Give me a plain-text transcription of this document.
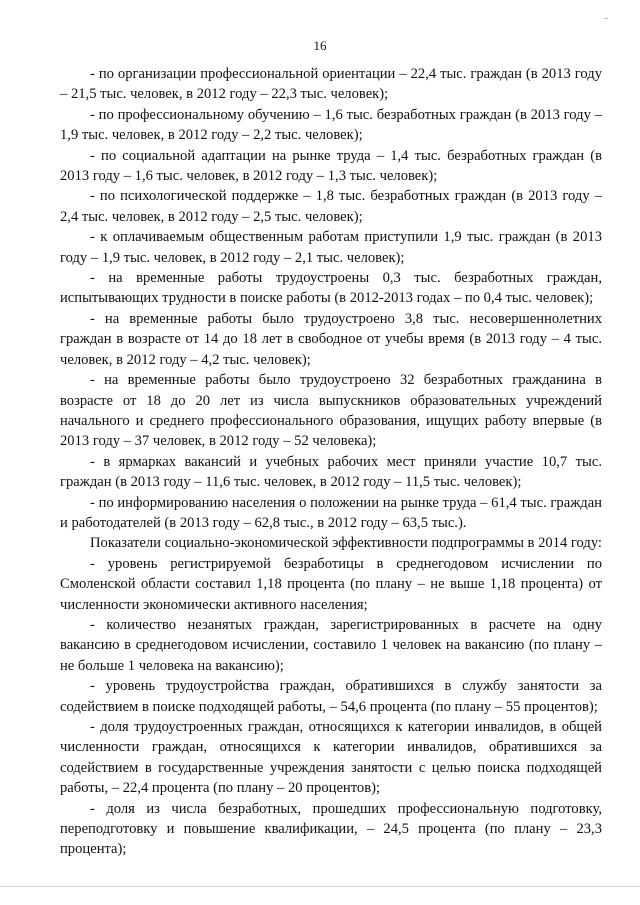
16

- по организации профессиональной ориентации – 22,4 тыс. граждан (в 2013 году – 21,5 тыс. человек, в 2012 году – 22,3 тыс. человек);

- по профессиональному обучению – 1,6 тыс. безработных граждан (в 2013 году – 1,9 тыс. человек, в 2012 году – 2,2 тыс. человек);

- по социальной адаптации на рынке труда – 1,4 тыс. безработных граждан (в 2013 году – 1,6 тыс. человек, в 2012 году – 1,3 тыс. человек);

- по психологической поддержке – 1,8 тыс. безработных граждан (в 2013 году – 2,4 тыс. человек, в 2012 году – 2,5 тыс. человек);

- к оплачиваемым общественным работам приступили 1,9 тыс. граждан (в 2013 году – 1,9 тыс. человек, в 2012 году – 2,1 тыс. человек);

- на временные работы трудоустроены 0,3 тыс. безработных граждан, испытывающих трудности в поиске работы (в 2012-2013 годах – по 0,4 тыс. человек);

- на временные работы было трудоустроено 3,8 тыс. несовершеннолетних граждан в возрасте от 14 до 18 лет в свободное от учебы время (в 2013 году – 4 тыс. человек, в 2012 году – 4,2 тыс. человек);

- на временные работы было трудоустроено 32 безработных гражданина в возрасте от 18 до 20 лет из числа выпускников образовательных учреждений начального и среднего профессионального образования, ищущих работу впервые (в 2013 году – 37 человек, в 2012 году – 52 человека);

- в ярмарках вакансий и учебных рабочих мест приняли участие 10,7 тыс. граждан (в 2013 году – 11,6 тыс. человек, в 2012 году – 11,5 тыс. человек);

- по информированию населения о положении на рынке труда – 61,4 тыс. граждан и работодателей (в 2013 году – 62,8 тыс., в 2012 году – 63,5 тыс.).

Показатели социально-экономической эффективности подпрограммы в 2014 году:

- уровень регистрируемой безработицы в среднегодовом исчислении по Смоленской области составил 1,18 процента (по плану – не выше 1,18 процента) от численности экономически активного населения;

- количество незанятых граждан, зарегистрированных в расчете на одну вакансию в среднегодовом исчислении, составило 1 человек на вакансию (по плану – не больше 1 человека на вакансию);

- уровень трудоустройства граждан, обратившихся в службу занятости за содействием в поиске подходящей работы, – 54,6 процента (по плану – 55 процентов);

- доля трудоустроенных граждан, относящихся к категории инвалидов, в общей численности граждан, относящихся к категории инвалидов, обратившихся за содействием в государственные учреждения занятости с целью поиска подходящей работы, – 22,4 процента (по плану – 20 процентов);

- доля из числа безработных, прошедших профессиональную подготовку, переподготовку и повышение квалификации, – 24,5 процента (по плану – 23,3 процента);
